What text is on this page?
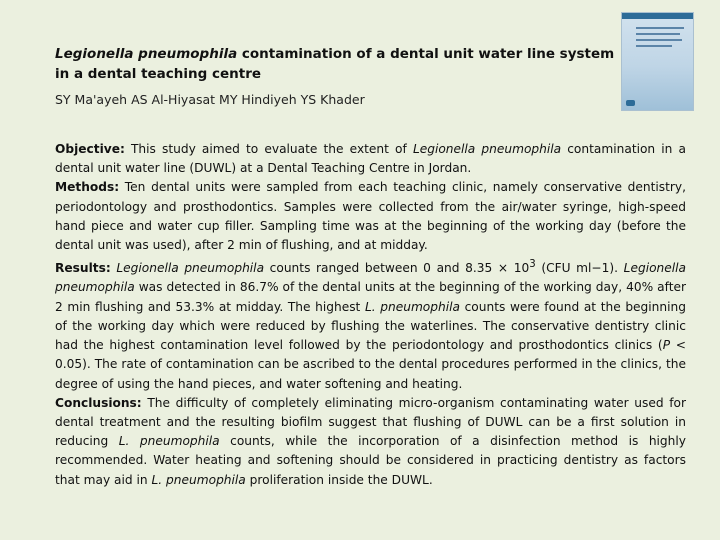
Legionella pneumophila contamination of a dental unit water line system
in a dental teaching centre

SY Ma'ayeh AS Al-Hiyasat MY Hindiyeh YS Khader

Objective: This study aimed to evaluate the extent of Legionella pneumophila contamination in a dental unit water line (DUWL) at a Dental Teaching Centre in Jordan.

Methods: Ten dental units were sampled from each teaching clinic, namely conservative dentistry, periodontology and prosthodontics. Samples were collected from the air/water syringe, high-speed hand piece and water cup filler. Sampling time was at the beginning of the working day (before the dental unit was used), after 2 min of flushing, and at midday.

Results: Legionella pneumophila counts ranged between 0 and $8.35 \times 10^3$ (CFU ml−1). Legionella pneumophila was detected in 86.7% of the dental units at the beginning of the working day, 40% after 2 min flushing and 53.3% at midday. The highest L. pneumophila counts were found at the beginning of the working day which were reduced by flushing the waterlines. The conservative dentistry clinic had the highest contamination level followed by the periodontology and prosthodontics clinics (P < 0.05). The rate of contamination can be ascribed to the dental procedures performed in the clinics, the degree of using the hand pieces, and water softening and heating.

Conclusions: The difficulty of completely eliminating micro-organism contaminating water used for dental treatment and the resulting biofilm suggest that flushing of DUWL can be a first solution in reducing L. pneumophila counts, while the incorporation of a disinfection method is highly recommended. Water heating and softening should be considered in practicing dentistry as factors that may aid in L. pneumophila proliferation inside the DUWL.
